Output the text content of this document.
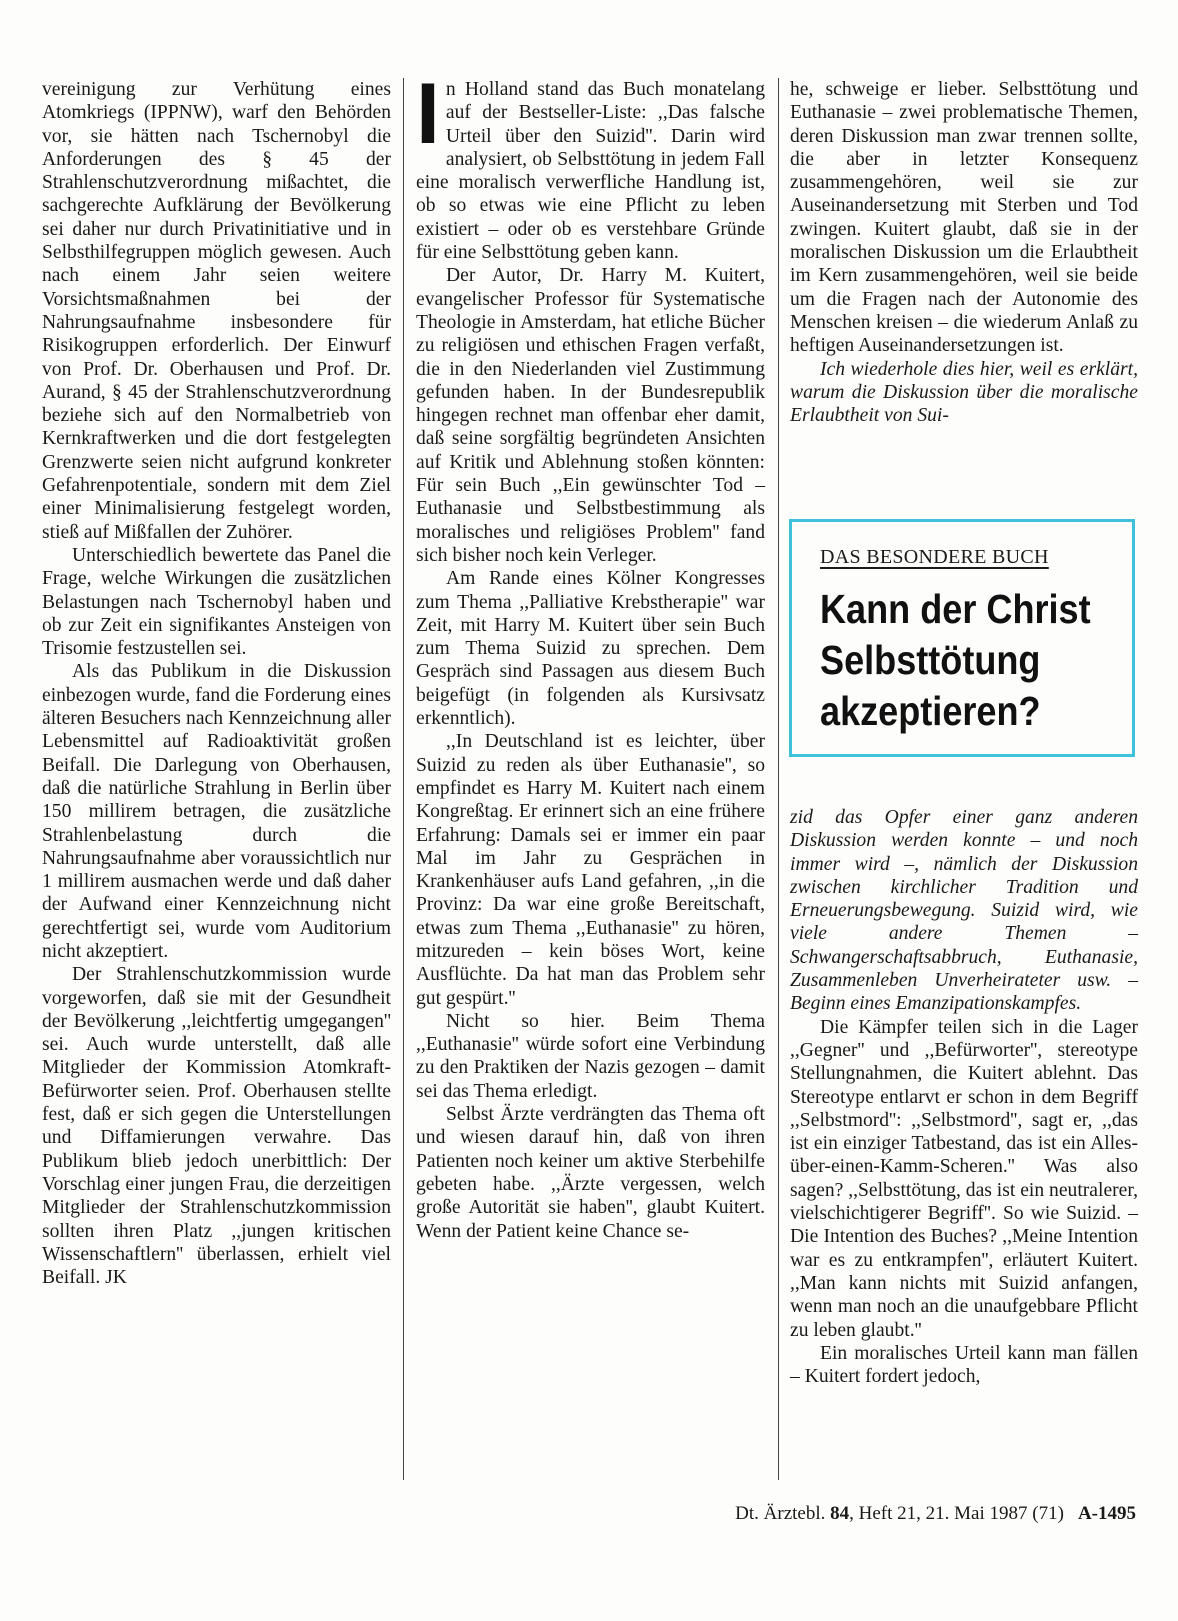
vereinigung zur Verhütung eines Atomkriegs (IPPNW), warf den Behörden vor, sie hätten nach Tschernobyl die Anforderungen des § 45 der Strahlenschutzverordnung mißachtet, die sachgerechte Aufklärung der Bevölkerung sei daher nur durch Privatinitiative und in Selbsthilfegruppen möglich gewesen. Auch nach einem Jahr seien weitere Vorsichtsmaßnahmen bei der Nahrungsaufnahme insbesondere für Risikogruppen erforderlich. Der Einwurf von Prof. Dr. Oberhausen und Prof. Dr. Aurand, § 45 der Strahlenschutzverordnung beziehe sich auf den Normalbetrieb von Kernkraftwerken und die dort festgelegten Grenzwerte seien nicht aufgrund konkreter Gefahrenpotentiale, sondern mit dem Ziel einer Minimalisierung festgelegt worden, stieß auf Mißfallen der Zuhörer.

Unterschiedlich bewertete das Panel die Frage, welche Wirkungen die zusätzlichen Belastungen nach Tschernobyl haben und ob zur Zeit ein signifikantes Ansteigen von Trisomie festzustellen sei.

Als das Publikum in die Diskussion einbezogen wurde, fand die Forderung eines älteren Besuchers nach Kennzeichnung aller Lebensmittel auf Radioaktivität großen Beifall. Die Darlegung von Oberhausen, daß die natürliche Strahlung in Berlin über 150 millirem betragen, die zusätzliche Strahlenbelastung durch die Nahrungsaufnahme aber voraussichtlich nur 1 millirem ausmachen werde und daß daher der Aufwand einer Kennzeichnung nicht gerechtfertigt sei, wurde vom Auditorium nicht akzeptiert.

Der Strahlenschutzkommission wurde vorgeworfen, daß sie mit der Gesundheit der Bevölkerung ,,leichtfertig umgegangen'' sei. Auch wurde unterstellt, daß alle Mitglieder der Kommission Atomkraft-Befürworter seien. Prof. Oberhausen stellte fest, daß er sich gegen die Unterstellungen und Diffamierungen verwahre. Das Publikum blieb jedoch unerbittlich: Der Vorschlag einer jungen Frau, die derzeitigen Mitglieder der Strahlenschutzkommission sollten ihren Platz ,,jungen kritischen Wissenschaftlern'' überlassen, erhielt viel Beifall. JK

In Holland stand das Buch monatelang auf der Bestseller-Liste: ,,Das falsche Urteil über den Suizid''. Darin wird analysiert, ob Selbsttötung in jedem Fall eine moralisch verwerfliche Handlung ist, ob so etwas wie eine Pflicht zu leben existiert – oder ob es verstehbare Gründe für eine Selbsttötung geben kann.

Der Autor, Dr. Harry M. Kuitert, evangelischer Professor für Systematische Theologie in Amsterdam, hat etliche Bücher zu religiösen und ethischen Fragen verfaßt, die in den Niederlanden viel Zustimmung gefunden haben. In der Bundesrepublik hingegen rechnet man offenbar eher damit, daß seine sorgfältig begründeten Ansichten auf Kritik und Ablehnung stoßen könnten: Für sein Buch ,,Ein gewünschter Tod – Euthanasie und Selbstbestimmung als moralisches und religiöses Problem'' fand sich bisher noch kein Verleger.

Am Rande eines Kölner Kongresses zum Thema ,,Palliative Krebstherapie'' war Zeit, mit Harry M. Kuitert über sein Buch zum Thema Suizid zu sprechen. Dem Gespräch sind Passagen aus diesem Buch beigefügt (in folgenden als Kursivsatz erkenntlich).

,,In Deutschland ist es leichter, über Suizid zu reden als über Euthanasie'', so empfindet es Harry M. Kuitert nach einem Kongreßtag. Er erinnert sich an eine frühere Erfahrung: Damals sei er immer ein paar Mal im Jahr zu Gesprächen in Krankenhäuser aufs Land gefahren, ,,in die Provinz: Da war eine große Bereitschaft, etwas zum Thema ,,Euthanasie'' zu hören, mitzureden – kein böses Wort, keine Ausflüchte. Da hat man das Problem sehr gut gespürt.''

Nicht so hier. Beim Thema ,,Euthanasie'' würde sofort eine Verbindung zu den Praktiken der Nazis gezogen – damit sei das Thema erledigt.

Selbst Ärzte verdrängten das Thema oft und wiesen darauf hin, daß von ihren Patienten noch keiner um aktive Sterbehilfe gebeten habe. ,,Ärzte vergessen, welch große Autorität sie haben'', glaubt Kuitert. Wenn der Patient keine Chance se-

he, schweige er lieber. Selbsttötung und Euthanasie – zwei problematische Themen, deren Diskussion man zwar trennen sollte, die aber in letzter Konsequenz zusammengehören, weil sie zur Auseinandersetzung mit Sterben und Tod zwingen. Kuitert glaubt, daß sie in der moralischen Diskussion um die Erlaubtheit im Kern zusammengehören, weil sie beide um die Fragen nach der Autonomie des Menschen kreisen – die wiederum Anlaß zu heftigen Auseinandersetzungen ist.

Ich wiederhole dies hier, weil es erklärt, warum die Diskussion über die moralische Erlaubtheit von Sui-

DAS BESONDERE BUCH
Kann der Christ
Selbsttötung
akzeptieren?

zid das Opfer einer ganz anderen Diskussion werden konnte – und noch immer wird –, nämlich der Diskussion zwischen kirchlicher Tradition und Erneuerungsbewegung. Suizid wird, wie viele andere Themen – Schwangerschaftsabbruch, Euthanasie, Zusammenleben Unverheirateter usw. – Beginn eines Emanzipationskampfes.

Die Kämpfer teilen sich in die Lager ,,Gegner'' und ,,Befürworter'', stereotype Stellungnahmen, die Kuitert ablehnt. Das Stereotype entlarvt er schon in dem Begriff ,,Selbstmord'': ,,Selbstmord'', sagt er, ,,das ist ein einziger Tatbestand, das ist ein Alles-über-einen-Kamm-Scheren.'' Was also sagen? ,,Selbsttötung, das ist ein neutralerer, vielschichtigerer Begriff''. So wie Suizid. – Die Intention des Buches? ,,Meine Intention war es zu entkrampfen'', erläutert Kuitert. ,,Man kann nichts mit Suizid anfangen, wenn man noch an die unaufgebbare Pflicht zu leben glaubt.''

Ein moralisches Urteil kann man fällen – Kuitert fordert jedoch,

Dt. Ärztebl. 84, Heft 21, 21. Mai 1987 (71) A-1495
